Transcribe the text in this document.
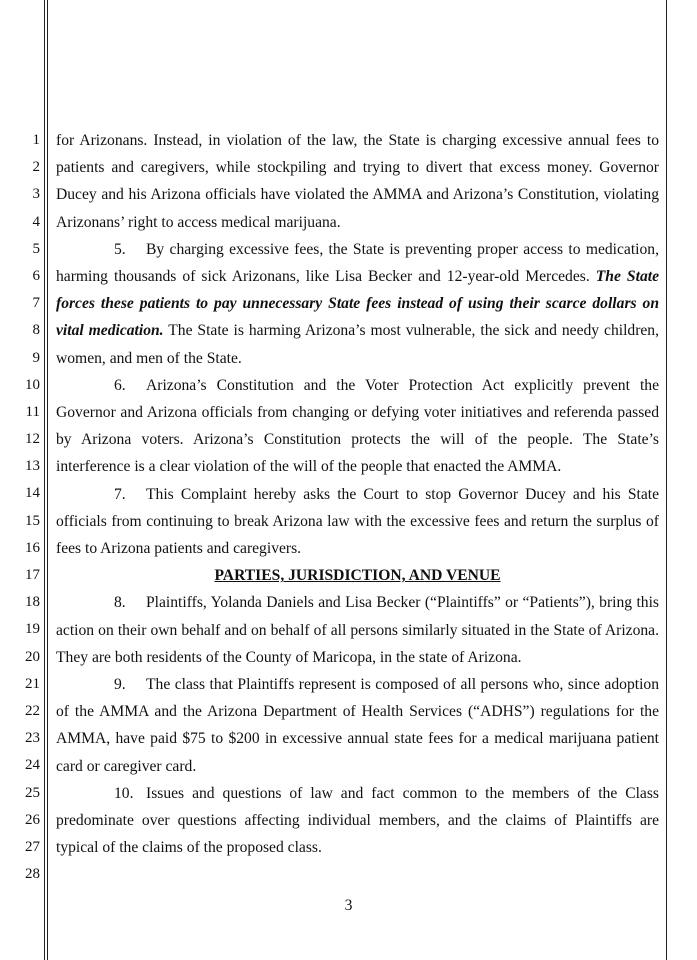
1
2
3
4
5
6
7
8
9
10
11
12
13
14
15
16
17
18
19
20
21
22
23
24
25
26
27
28
for Arizonans. Instead, in violation of the law, the State is charging excessive annual fees to patients and caregivers, while stockpiling and trying to divert that excess money. Governor Ducey and his Arizona officials have violated the AMMA and Arizona’s Constitution, violating Arizonans’ right to access medical marijuana.
5. By charging excessive fees, the State is preventing proper access to medication, harming thousands of sick Arizonans, like Lisa Becker and 12-year-old Mercedes. The State forces these patients to pay unnecessary State fees instead of using their scarce dollars on vital medication. The State is harming Arizona’s most vulnerable, the sick and needy children, women, and men of the State.
6. Arizona’s Constitution and the Voter Protection Act explicitly prevent the Governor and Arizona officials from changing or defying voter initiatives and referenda passed by Arizona voters. Arizona’s Constitution protects the will of the people. The State’s interference is a clear violation of the will of the people that enacted the AMMA.
7. This Complaint hereby asks the Court to stop Governor Ducey and his State officials from continuing to break Arizona law with the excessive fees and return the surplus of fees to Arizona patients and caregivers.
PARTIES, JURISDICTION, AND VENUE
8. Plaintiffs, Yolanda Daniels and Lisa Becker (“Plaintiffs” or “Patients”), bring this action on their own behalf and on behalf of all persons similarly situated in the State of Arizona. They are both residents of the County of Maricopa, in the state of Arizona.
9. The class that Plaintiffs represent is composed of all persons who, since adoption of the AMMA and the Arizona Department of Health Services (“ADHS”) regulations for the AMMA, have paid $75 to $200 in excessive annual state fees for a medical marijuana patient card or caregiver card.
10. Issues and questions of law and fact common to the members of the Class predominate over questions affecting individual members, and the claims of Plaintiffs are typical of the claims of the proposed class.
3
